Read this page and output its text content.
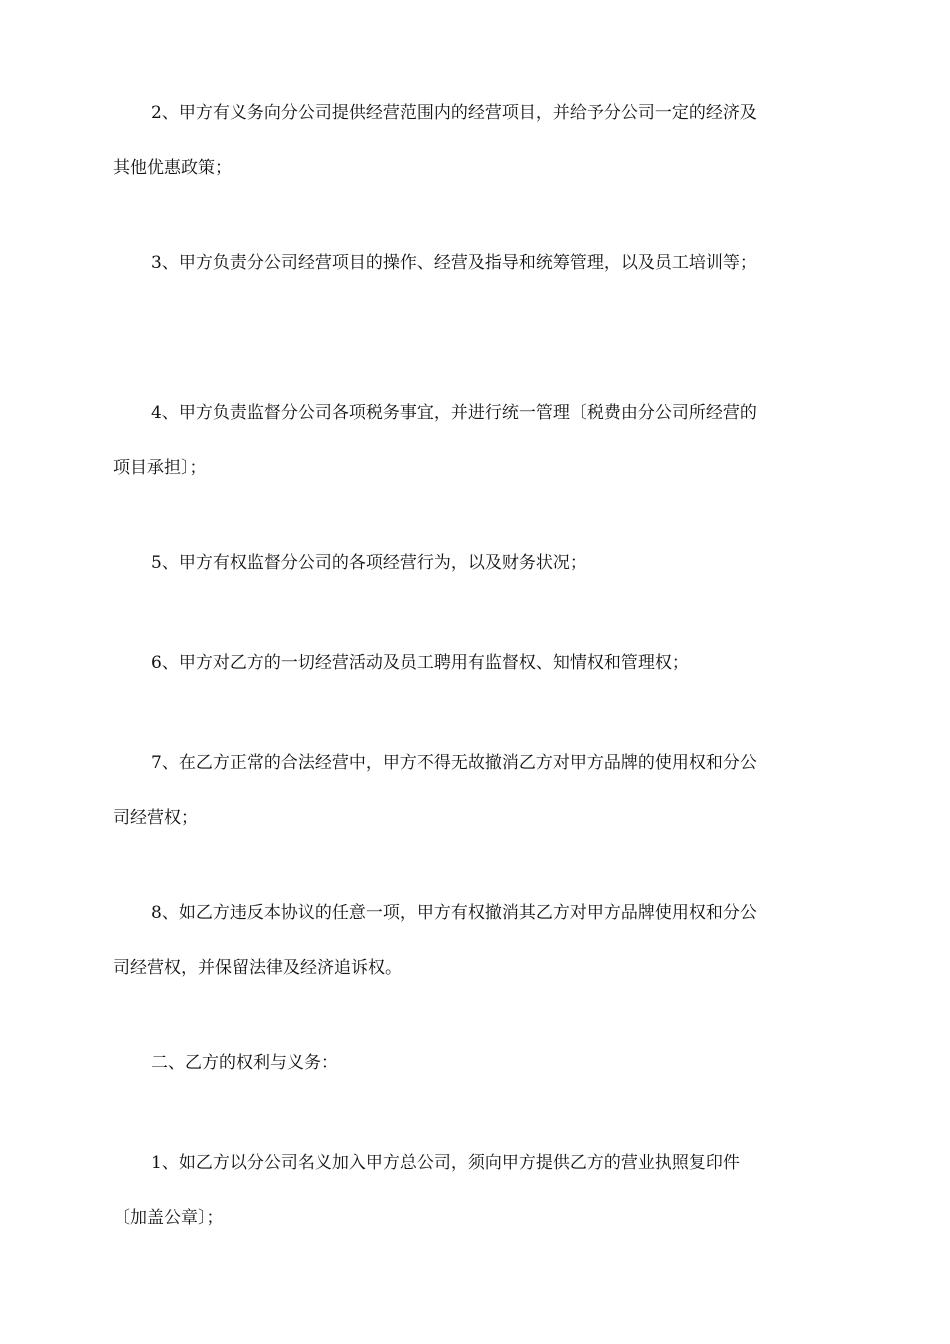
2、甲方有义务向分公司提供经营范围内的经营项目，并给予分公司一定的经济及
其他优惠政策；

3、甲方负责分公司经营项目的操作、经营及指导和统筹管理，以及员工培训等；

4、甲方负责监督分公司各项税务事宜，并进行统一管理〔税费由分公司所经营的
项目承担〕；

5、甲方有权监督分公司的各项经营行为，以及财务状况；

6、甲方对乙方的一切经营活动及员工聘用有监督权、知情权和管理权；

7、在乙方正常的合法经营中，甲方不得无故撤消乙方对甲方品牌的使用权和分公
司经营权；

8、如乙方违反本协议的任意一项，甲方有权撤消其乙方对甲方品牌使用权和分公
司经营权，并保留法律及经济追诉权。

二、乙方的权利与义务：

1、如乙方以分公司名义加入甲方总公司，须向甲方提供乙方的营业执照复印件
〔加盖公章〕；
